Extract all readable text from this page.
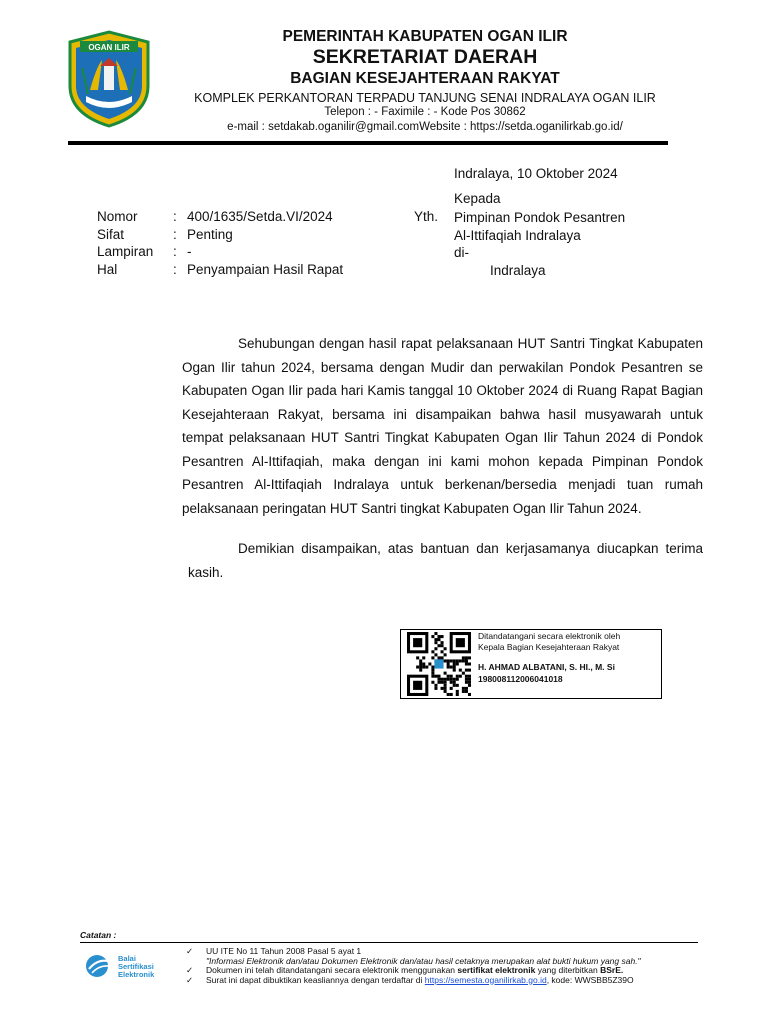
OGAN ILIR
PEMERINTAH KABUPATEN OGAN ILIR
SEKRETARIAT DAERAH
BAGIAN KESEJAHTERAAN RAKYAT
KOMPLEK PERKANTORAN TERPADU TANJUNG SENAI INDRALAYA OGAN ILIR
Telepon : - Faximile : - Kode Pos 30862
e-mail : setdakab.oganilir@gmail.comWebsite : https://setda.oganilirkab.go.id/
Indralaya, 10 Oktober 2024
Kepada
Yth. Pimpinan Pondok Pesantren
Al-Ittifaqiah Indralaya
di-
Indralaya
Nomor	:	400/1635/Setda.VI/2024
Sifat	:	Penting
Lampiran	:	-
Hal	:	Penyampaian Hasil Rapat

Sehubungan dengan hasil rapat pelaksanaan HUT Santri Tingkat Kabupaten Ogan Ilir tahun 2024, bersama dengan Mudir dan perwakilan Pondok Pesantren se Kabupaten Ogan Ilir pada hari Kamis tanggal 10 Oktober 2024 di Ruang Rapat Bagian Kesejahteraan Rakyat, bersama ini disampaikan bahwa hasil musyawarah untuk tempat pelaksanaan HUT Santri Tingkat Kabupaten Ogan Ilir Tahun 2024 di Pondok Pesantren Al-Ittifaqiah, maka dengan ini kami mohon kepada Pimpinan Pondok Pesantren Al-Ittifaqiah Indralaya untuk berkenan/bersedia menjadi tuan rumah pelaksanaan peringatan HUT Santri tingkat Kabupaten Ogan Ilir Tahun 2024.

Demikian disampaikan, atas bantuan dan kerjasamanya diucapkan terima kasih.

Ditandatangani secara elektronik oleh
Kepala Bagian Kesejahteraan Rakyat
H. AHMAD ALBATANI, S. HI., M. Si
198008112006041018
Catatan :
Balai
Sertifikasi
Elektronik
✓ UU ITE No 11 Tahun 2008 Pasal 5 ayat 1
"Informasi Elektronik dan/atau Dokumen Elektronik dan/atau hasil cetaknya merupakan alat bukti hukum yang sah."
✓ Dokumen ini telah ditandatangani secara elektronik menggunakan sertifikat elektronik yang diterbitkan BSrE.
✓ Surat ini dapat dibuktikan keasliannya dengan terdaftar di https://semesta.oganilirkab.go.id, kode: WWSBB5Z39O
